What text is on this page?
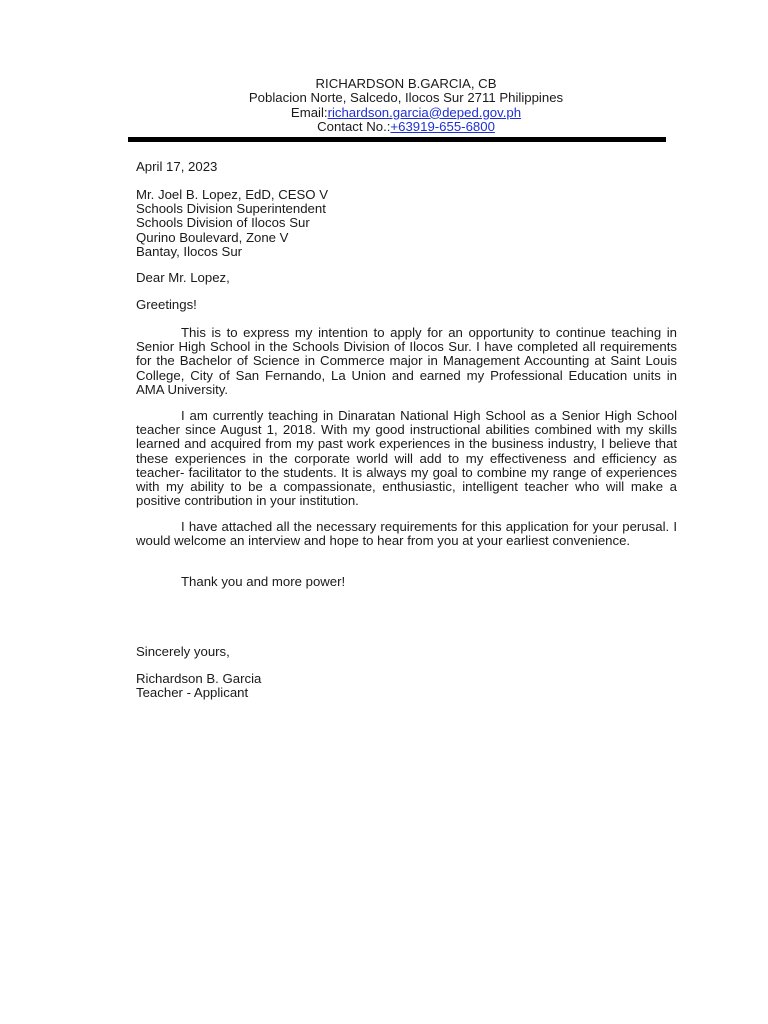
RICHARDSON B.GARCIA, CB
Poblacion Norte, Salcedo, Ilocos Sur 2711 Philippines
Email:richardson.garcia@deped.gov.ph
Contact No.:+63919-655-6800
April 17, 2023
Mr. Joel B. Lopez, EdD, CESO V
Schools Division Superintendent
Schools Division of Ilocos Sur
Qurino Boulevard, Zone V
Bantay, Ilocos Sur
Dear Mr. Lopez,
Greetings!

This is to express my intention to apply for an opportunity to continue teaching in Senior High School in the Schools Division of Ilocos Sur. I have completed all requirements for the Bachelor of Science in Commerce major in Management Accounting at Saint Louis College, City of San Fernando, La Union and earned my Professional Education units in AMA University.

I am currently teaching in Dinaratan National High School as a Senior High School teacher since August 1, 2018. With my good instructional abilities combined with my skills learned and acquired from my past work experiences in the business industry, I believe that these experiences in the corporate world will add to my effectiveness and efficiency as teacher- facilitator to the students. It is always my goal to combine my range of experiences with my ability to be a compassionate, enthusiastic, intelligent teacher who will make a positive contribution in your institution.

I have attached all the necessary requirements for this application for your perusal. I would welcome an interview and hope to hear from you at your earliest convenience.

Thank you and more power!

Sincerely yours,
Richardson B. Garcia
Teacher - Applicant
